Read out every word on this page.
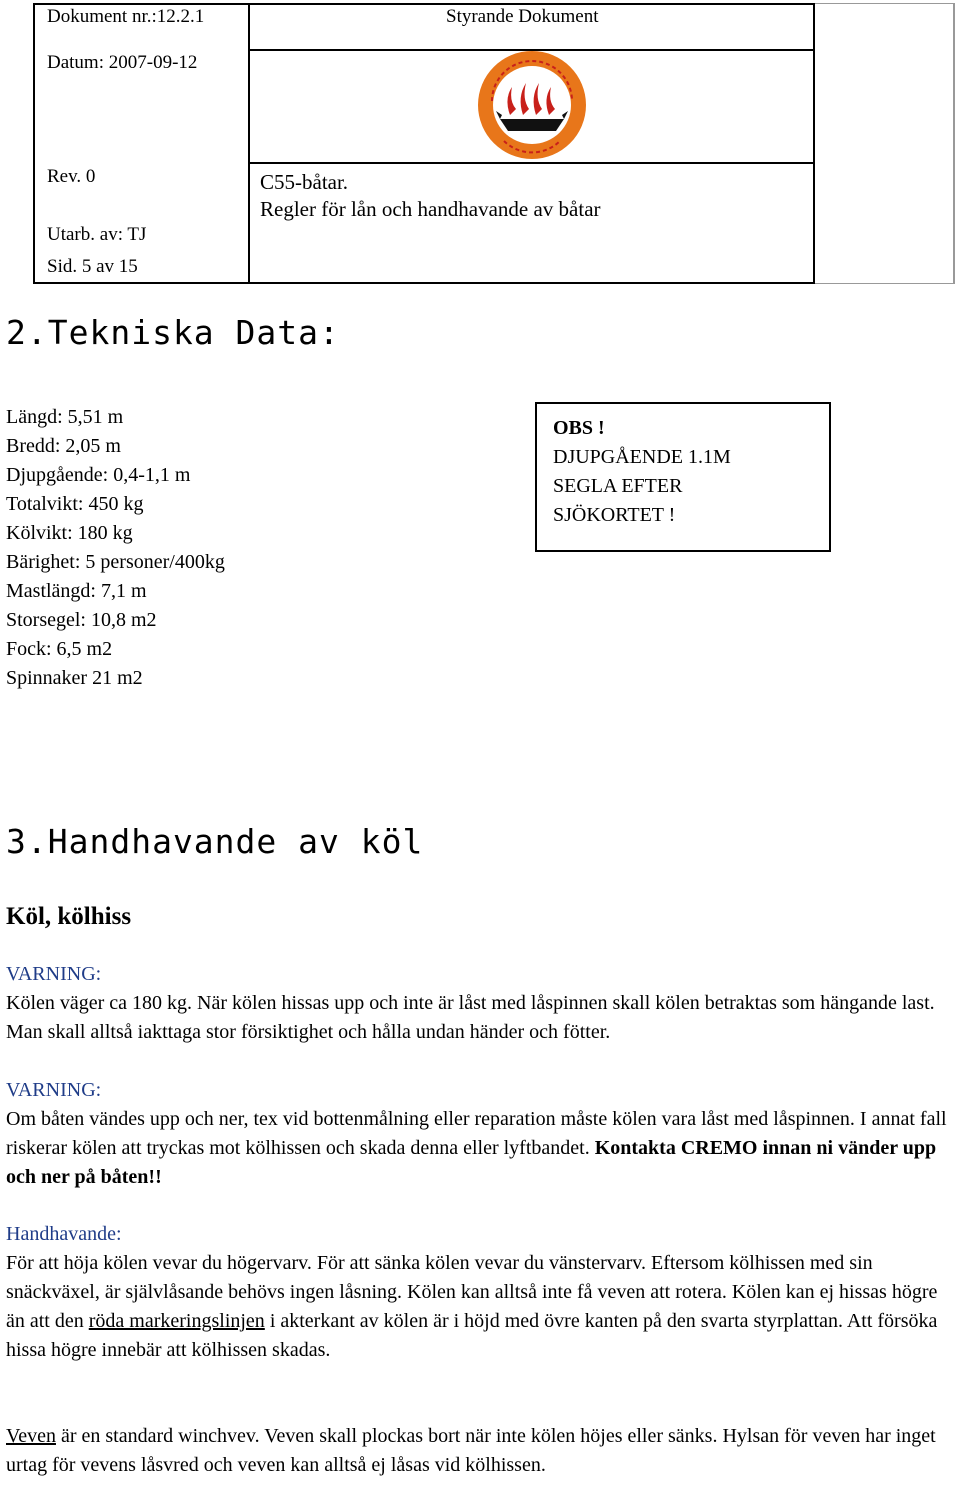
Dokument nr.:12.2.1	Styrande Dokument
Datum: 2007-09-12
Rev. 0
Utarb. av: TJ
Sid. 5 av 15
C55-båtar.
Regler för lån och handhavande av båtar
2.Tekniska Data:
Längd: 5,51 m
Bredd: 2,05 m
Djupgående: 0,4-1,1 m
Totalvikt: 450 kg
Kölvikt: 180 kg
Bärighet: 5 personer/400kg
Mastlängd: 7,1 m
Storsegel: 10,8 m2
Fock: 6,5 m2
Spinnaker 21 m2
OBS !
DJUPGÅENDE 1.1M
SEGLA EFTER
SJÖKORTET !
3.Handhavande av köl
Köl, kölhiss
VARNING:
Kölen väger ca 180 kg. När kölen hissas upp och inte är låst med låspinnen skall kölen betraktas som hängande last. Man skall alltså iakttaga stor försiktighet och hålla undan händer och fötter.
VARNING:
Om båten vändes upp och ner, tex vid bottenmålning eller reparation måste kölen vara låst med låspinnen. I annat fall riskerar kölen att tryckas mot kölhissen och skada denna eller lyftbandet. Kontakta CREMO innan ni vänder upp och ner på båten!!
Handhavande:
För att höja kölen vevar du högervarv. För att sänka kölen vevar du vänstervarv. Eftersom kölhissen med sin snäckväxel, är självlåsande behövs ingen låsning. Kölen kan alltså inte få veven att rotera. Kölen kan ej hissas högre än att den röda markeringslinjen i akterkant av kölen är i höjd med övre kanten på den svarta styrplattan. Att försöka hissa högre innebär att kölhissen skadas.
Veven är en standard winchvev. Veven skall plockas bort när inte kölen höjes eller sänks. Hylsan för veven har inget urtag för vevens låsvred och veven kan alltså ej låsas vid kölhissen.
